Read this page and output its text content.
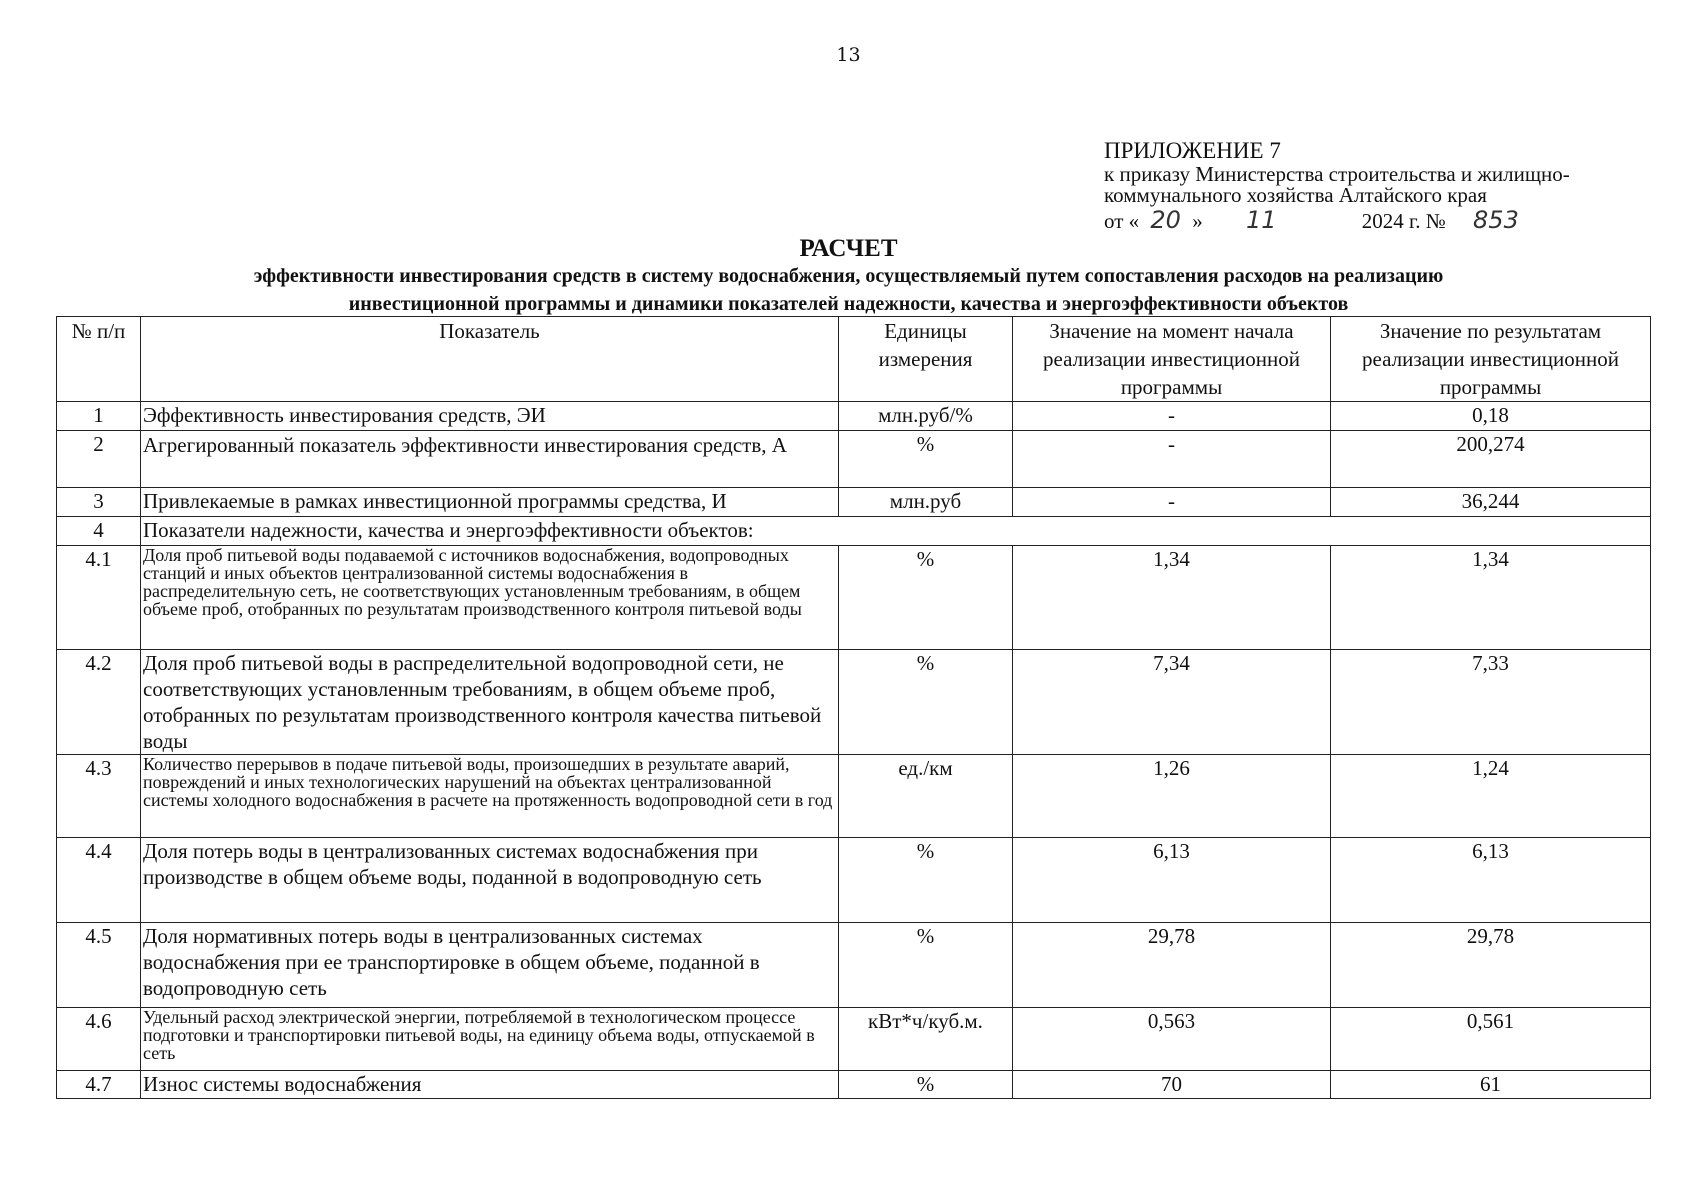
13
ПРИЛОЖЕНИЕ 7
к приказу Министерства строительства и жилищно-
коммунального хозяйства Алтайского края
от « 20 » 11	2024 г. № 853
РАСЧЕТ
эффективности инвестирования средств в систему водоснабжения, осуществляемый путем сопоставления расходов на реализацию
инвестиционной программы и динамики показателей надежности, качества и энергоэффективности объектов
№ п/п	Показатель	Единицы измерения	Значение на момент начала реализации инвестиционной программы	Значение по результатам реализации инвестиционной программы
1	Эффективность инвестирования средств, ЭИ	млн.руб/%	-	0,18
2	Агрегированный показатель эффективности инвестирования средств, А	%	-	200,274
3	Привлекаемые в рамках инвестиционной программы средства, И	млн.руб	-	36,244
4	Показатели надежности, качества и энергоэффективности объектов:			
4.1	Доля проб питьевой воды подаваемой с источников водоснабжения, водопроводных станций и иных объектов централизованной системы водоснабжения в распределительную сеть, не соответствующих установленным требованиям, в общем объеме проб, отобранных по результатам производственного контроля питьевой воды	%	1,34	1,34
4.2	Доля проб питьевой воды в распределительной водопроводной сети, не соответствующих установленным требованиям, в общем объеме проб, отобранных по результатам производственного контроля качества питьевой воды	%	7,34	7,33
4.3	Количество перерывов в подаче питьевой воды, произошедших в результате аварий, повреждений и иных технологических нарушений на объектах централизованной системы холодного водоснабжения в расчете на протяженность водопроводной сети в год	ед./км	1,26	1,24
4.4	Доля потерь воды в централизованных системах водоснабжения при производстве в общем объеме воды, поданной в водопроводную сеть	%	6,13	6,13
4.5	Доля нормативных потерь воды в централизованных системах водоснабжения при ее транспортировке в общем объеме, поданной в водопроводную сеть	%	29,78	29,78
4.6	Удельный расход электрической энергии, потребляемой в технологическом процессе подготовки и транспортировки питьевой воды, на единицу объема воды, отпускаемой в сеть	кВт*ч/куб.м.	0,563	0,561
4.7	Износ системы водоснабжения	%	70	61
